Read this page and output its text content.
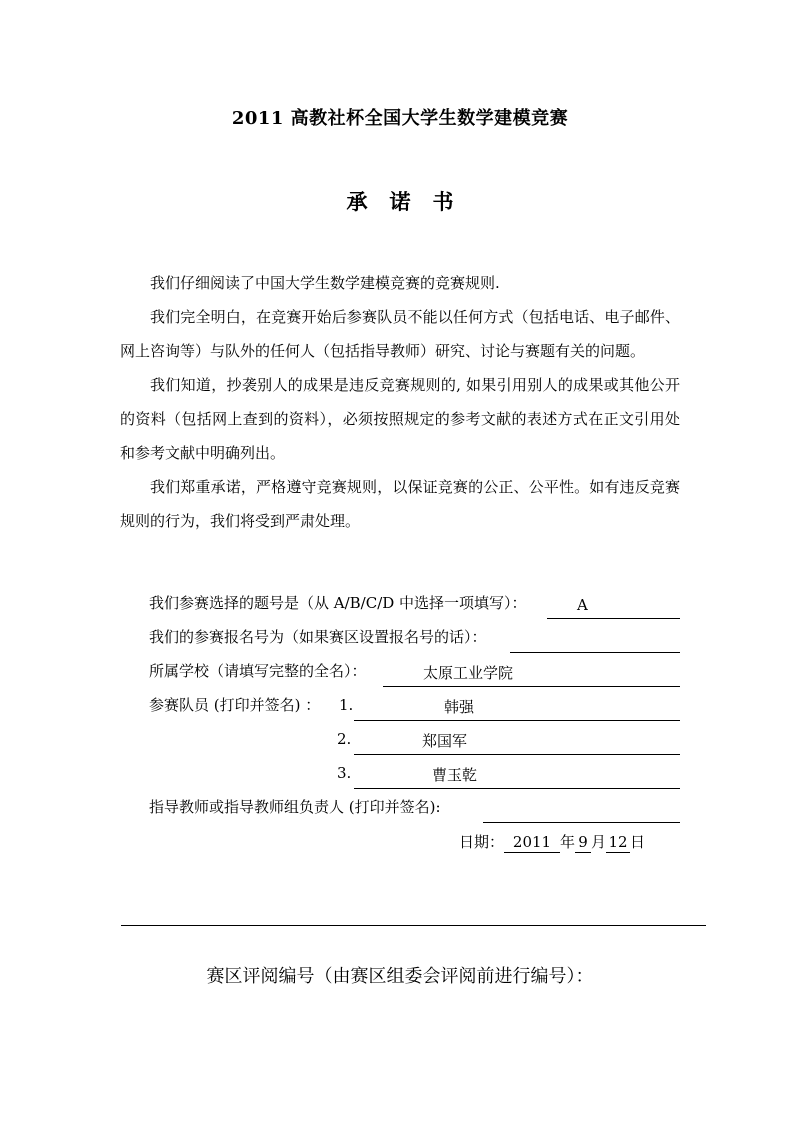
2011 高教社杯全国大学生数学建模竞赛
承 诺 书

我们仔细阅读了中国大学生数学建模竞赛的竞赛规则.

我们完全明白，在竞赛开始后参赛队员不能以任何方式（包括电话、电子邮件、网上咨询等）与队外的任何人（包括指导教师）研究、讨论与赛题有关的问题。

我们知道，抄袭别人的成果是违反竞赛规则的, 如果引用别人的成果或其他公开的资料（包括网上查到的资料），必须按照规定的参考文献的表述方式在正文引用处和参考文献中明确列出。

我们郑重承诺，严格遵守竞赛规则，以保证竞赛的公正、公平性。如有违反竞赛规则的行为，我们将受到严肃处理。

我们参赛选择的题号是（从 A/B/C/D 中选择一项填写）：	A
我们的参赛报名号为（如果赛区设置报名号的话）：
所属学校（请填写完整的全名）：	太原工业学院
参赛队员 (打印并签名) ： 1.	韩强
2.	郑国军
3.	曹玉乾
指导教师或指导教师组负责人 (打印并签名):
日期： 2011 年 9 月 12 日
赛区评阅编号（由赛区组委会评阅前进行编号）：
